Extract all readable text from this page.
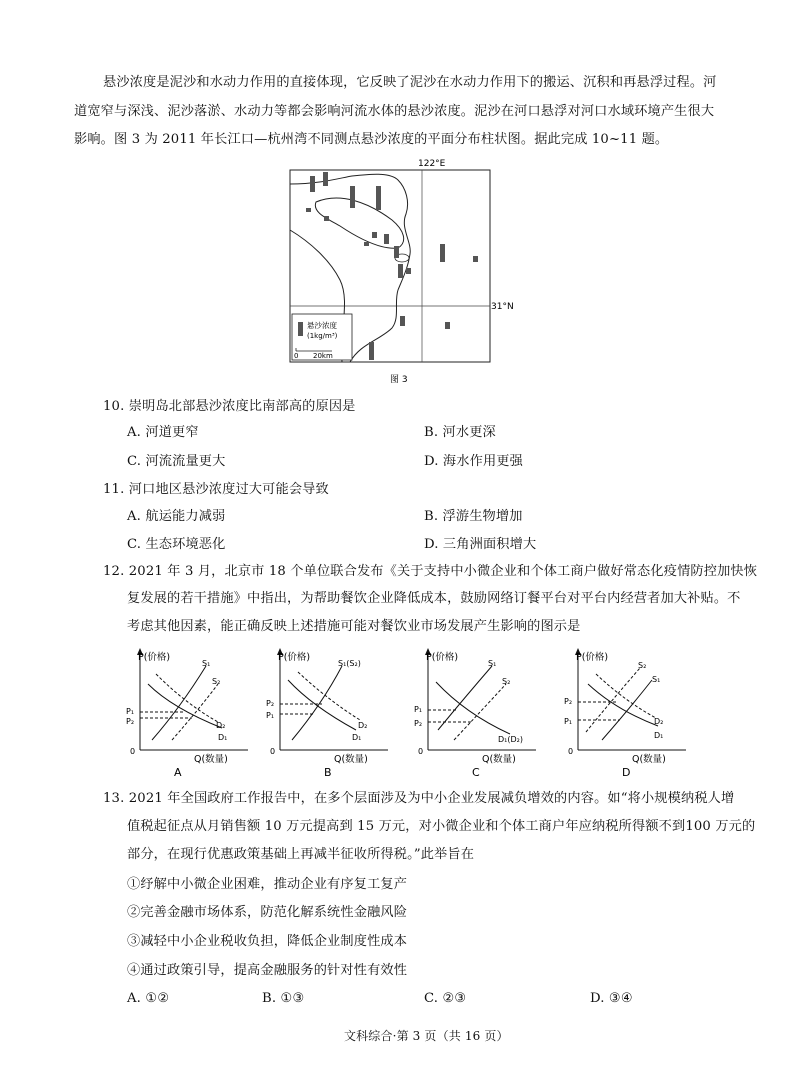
悬沙浓度是泥沙和水动力作用的直接体现，它反映了泥沙在水动力作用下的搬运、沉积和再悬浮过程。河
道宽窄与深浅、泥沙落淤、水动力等都会影响河流水体的悬沙浓度。泥沙在河口悬浮对河口水域环境产生很大
影响。图 3 为 2011 年长江口—杭州湾不同测点悬沙浓度的平面分布柱状图。据此完成 10~11 题。
122°E
31°N
悬沙浓度
(1kg/m³)
0 20km
图 3
10. 崇明岛北部悬沙浓度比南部高的原因是
A. 河道更窄	B. 河水更深
C. 河流流量更大	D. 海水作用更强
11. 河口地区悬沙浓度过大可能会导致
A. 航运能力减弱	B. 浮游生物增加
C. 生态环境恶化	D. 三角洲面积增大
12. 2021 年 3 月，北京市 18 个单位联合发布《关于支持中小微企业和个体工商户做好常态化疫情防控加快恢
复发展的若干措施》中指出，为帮助餐饮企业降低成本，鼓励网络订餐平台对平台内经营者加大补贴。不
考虑其他因素，能正确反映上述措施可能对餐饮业市场发展产生影响的图示是
P(价格)
Q(数量)
0
P₁
P₂
S₁
S₂
D₂
D₁
A
P(价格)
Q(数量)
0
P₂
P₁
S₁(S₂)
D₂
D₁
B
P(价格)
Q(数量)
0
P₁
P₂
S₁
S₂
D₁(D₂)
C
P(价格)
Q(数量)
0
P₂
P₁
S₂
S₁
D₂
D₁
D
13. 2021 年全国政府工作报告中，在多个层面涉及为中小企业发展减负增效的内容。如“将小规模纳税人增
值税起征点从月销售额 10 万元提高到 15 万元，对小微企业和个体工商户年应纳税所得额不到100 万元的
部分，在现行优惠政策基础上再减半征收所得税。”此举旨在
①纾解中小微企业困难，推动企业有序复工复产
②完善金融市场体系，防范化解系统性金融风险
③减轻中小企业税收负担，降低企业制度性成本
④通过政策引导，提高金融服务的针对性有效性
A. ①②	B. ①③	C. ②③	D. ③④
文科综合·第 3 页（共 16 页）
